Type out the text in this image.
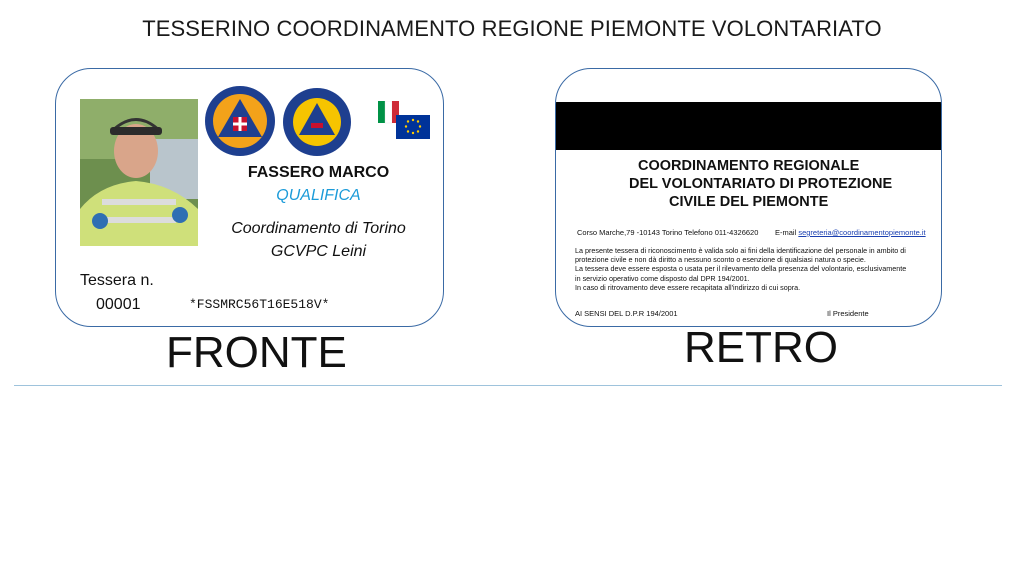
TESSERINO COORDINAMENTO REGIONE PIEMONTE VOLONTARIATO
FASSERO MARCO
QUALIFICA
Coordinamento di Torino
GCVPC Leini
Tessera n.
00001	*FSSMRC56T16E518V*
FRONTE
COORDINAMENTO REGIONALE
DEL VOLONTARIATO DI PROTEZIONE
CIVILE DEL PIEMONTE
Corso Marche,79 -10143 Torino Telefono 011-4326620 E-mail segreteria@coordinamentopiemonte.it
La presente tessera di riconoscimento è valida solo ai fini della identificazione del personale in ambito di
protezione civile e non dà diritto a nessuno sconto o esenzione di qualsiasi natura o specie.
La tessera deve essere esposta o usata per il rilevamento della presenza del volontario, esclusivamente
in servizio operativo come disposto dal DPR 194/2001.
In caso di ritrovamento deve essere recapitata all'indirizzo di cui sopra.
AI SENSI DEL D.P.R 194/2001	Il Presidente
RETRO
